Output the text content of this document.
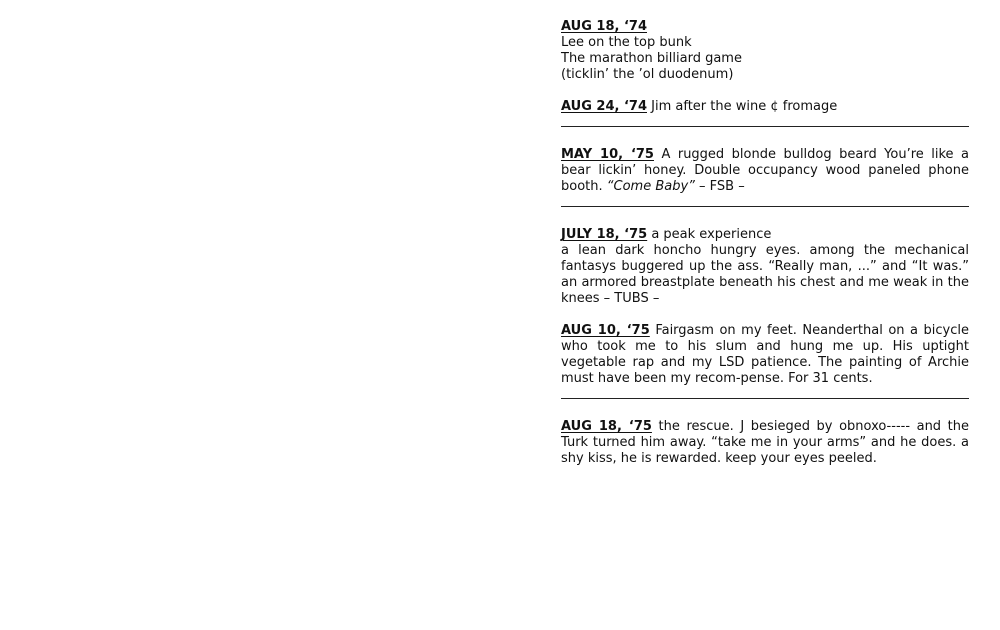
AUG 18, ‘74

Lee on the top bunk

The marathon billiard game

(ticklin’ the ’ol duodenum)

AUG 24, ‘74 Jim after the wine ¢ fromage

MAY 10, ‘75 A rugged blonde bulldog beard You’re like a bear lickin’ honey. Double occupancy wood paneled phone booth. “Come Baby” – FSB –

JULY 18, ‘75 a peak experience

a lean dark honcho hungry eyes. among the mechanical fantasys buggered up the ass. “Really man, ...” and “It was.” an armored breastplate beneath his chest and me weak in the knees – TUBS –

AUG 10, ‘75 Fairgasm on my feet. Neanderthal on a bicycle who took me to his slum and hung me up. His uptight vegetable rap and my LSD patience. The painting of Archie must have been my recom-pense. For 31 cents.

AUG 18, ‘75 the rescue. J besieged by obnoxo----- and the Turk turned him away. “take me in your arms” and he does. a shy kiss, he is rewarded. keep your eyes peeled.
